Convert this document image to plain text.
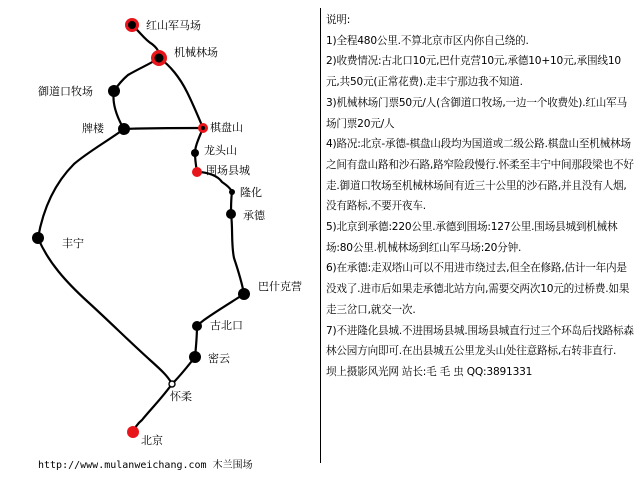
红山军马场
机械林场
御道口牧场
牌楼	棋盘山
龙头山
围场县城
隆化
承德
丰宁
巴什克营
古北口
密云
怀柔
北京
http://www.mulanweichang.com 木兰围场

说明:

1)全程480公里.不算北京市区内你自己绕的.

2)收费情况:古北口10元,巴什克营10元,承德10+10元,承围线10元,共50元(正常花费).走丰宁那边我不知道.

3)机械林场门票50元/人(含御道口牧场,一边一个收费处).红山军马场门票20元/人

4)路况:北京-承德-棋盘山段均为国道或二级公路.棋盘山至机械林场之间有盘山路和沙石路,路窄险段慢行.怀柔至丰宁中间那段梁也不好走.御道口牧场至机械林场间有近三十公里的沙石路,并且没有人烟,没有路标,不要开夜车.

5)北京到承德:220公里.承德到围场:127公里.围场县城到机械林场:80公里.机械林场到红山军马场:20分钟.

6)在承德:走双塔山可以不用进市绕过去,但全在修路,估计一年内是没戏了.进市后如果走承德北站方向,需要交两次10元的过桥费.如果走三岔口,就交一次.

7)不进隆化县城.不进围场县城.围场县城直行过三个环岛后找路标森林公园方向即可.在出县城五公里龙头山处往意路标,右转非直行.

坝上摄影风光网 站长:毛 毛 虫 QQ:3891331
